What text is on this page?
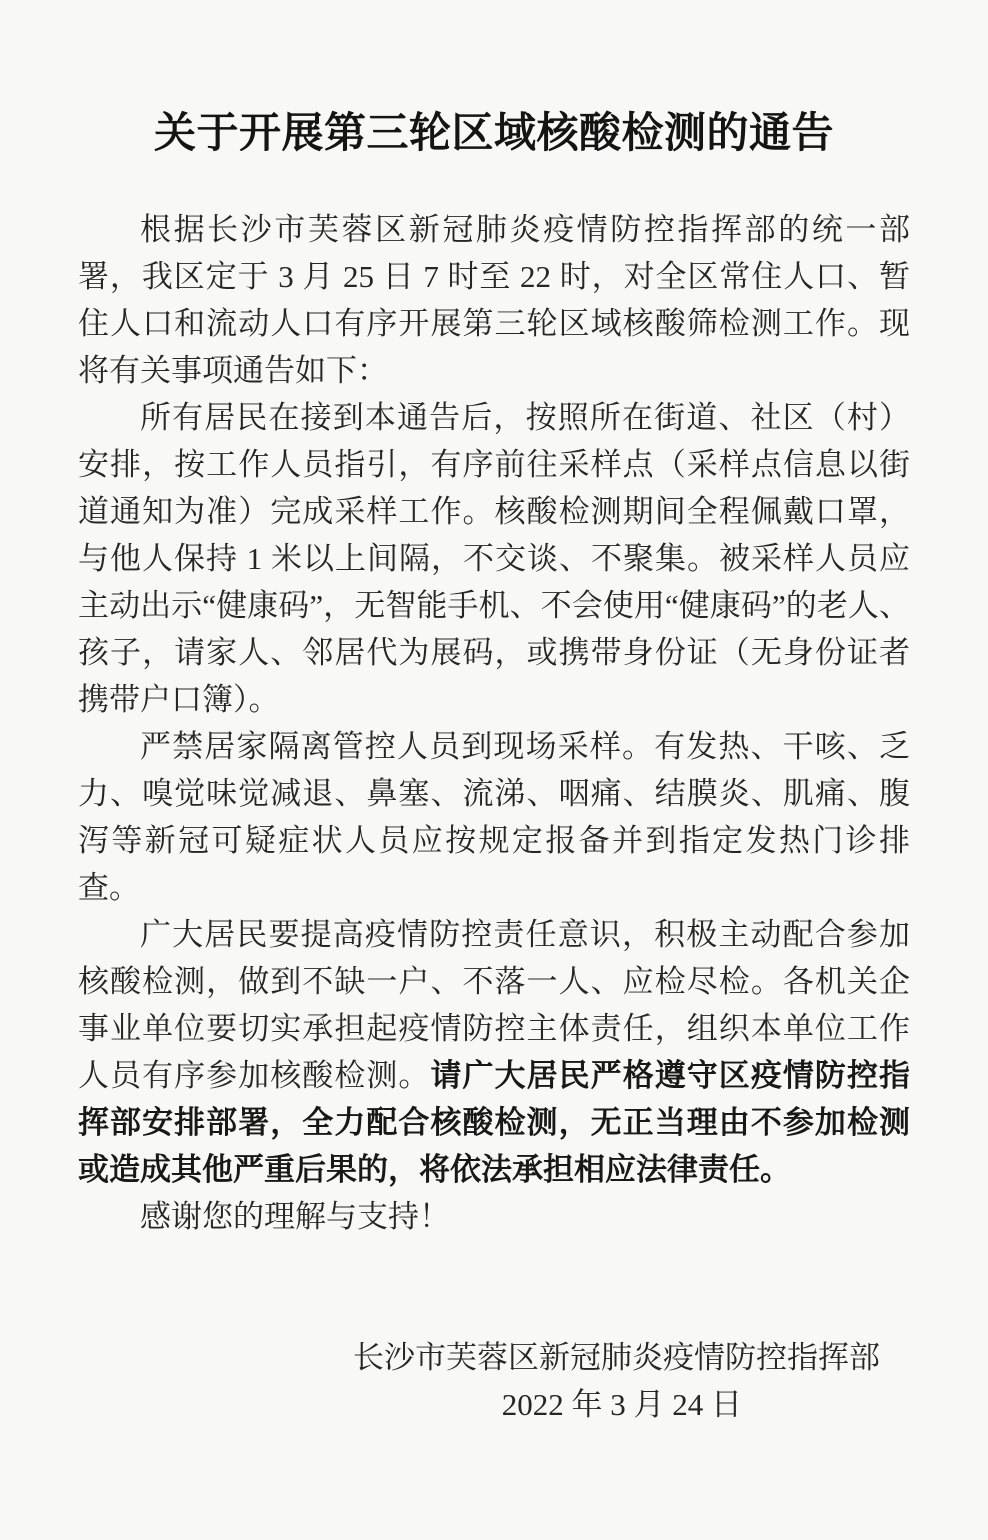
关于开展第三轮区域核酸检测的通告

根据长沙市芙蓉区新冠肺炎疫情防控指挥部的统一部署，我区定于 3 月 25 日 7 时至 22 时，对全区常住人口、暂住人口和流动人口有序开展第三轮区域核酸筛检测工作。现将有关事项通告如下：

所有居民在接到本通告后，按照所在街道、社区（村）安排，按工作人员指引，有序前往采样点（采样点信息以街道通知为准）完成采样工作。核酸检测期间全程佩戴口罩，与他人保持 1 米以上间隔，不交谈、不聚集。被采样人员应主动出示“健康码”，无智能手机、不会使用“健康码”的老人、孩子，请家人、邻居代为展码，或携带身份证（无身份证者携带户口簿）。

严禁居家隔离管控人员到现场采样。有发热、干咳、乏力、嗅觉味觉减退、鼻塞、流涕、咽痛、结膜炎、肌痛、腹泻等新冠可疑症状人员应按规定报备并到指定发热门诊排查。

广大居民要提高疫情防控责任意识，积极主动配合参加核酸检测，做到不缺一户、不落一人、应检尽检。各机关企事业单位要切实承担起疫情防控主体责任，组织本单位工作人员有序参加核酸检测。请广大居民严格遵守区疫情防控指挥部安排部署，全力配合核酸检测，无正当理由不参加检测或造成其他严重后果的，将依法承担相应法律责任。

感谢您的理解与支持！

长沙市芙蓉区新冠肺炎疫情防控指挥部
2022 年 3 月 24 日
